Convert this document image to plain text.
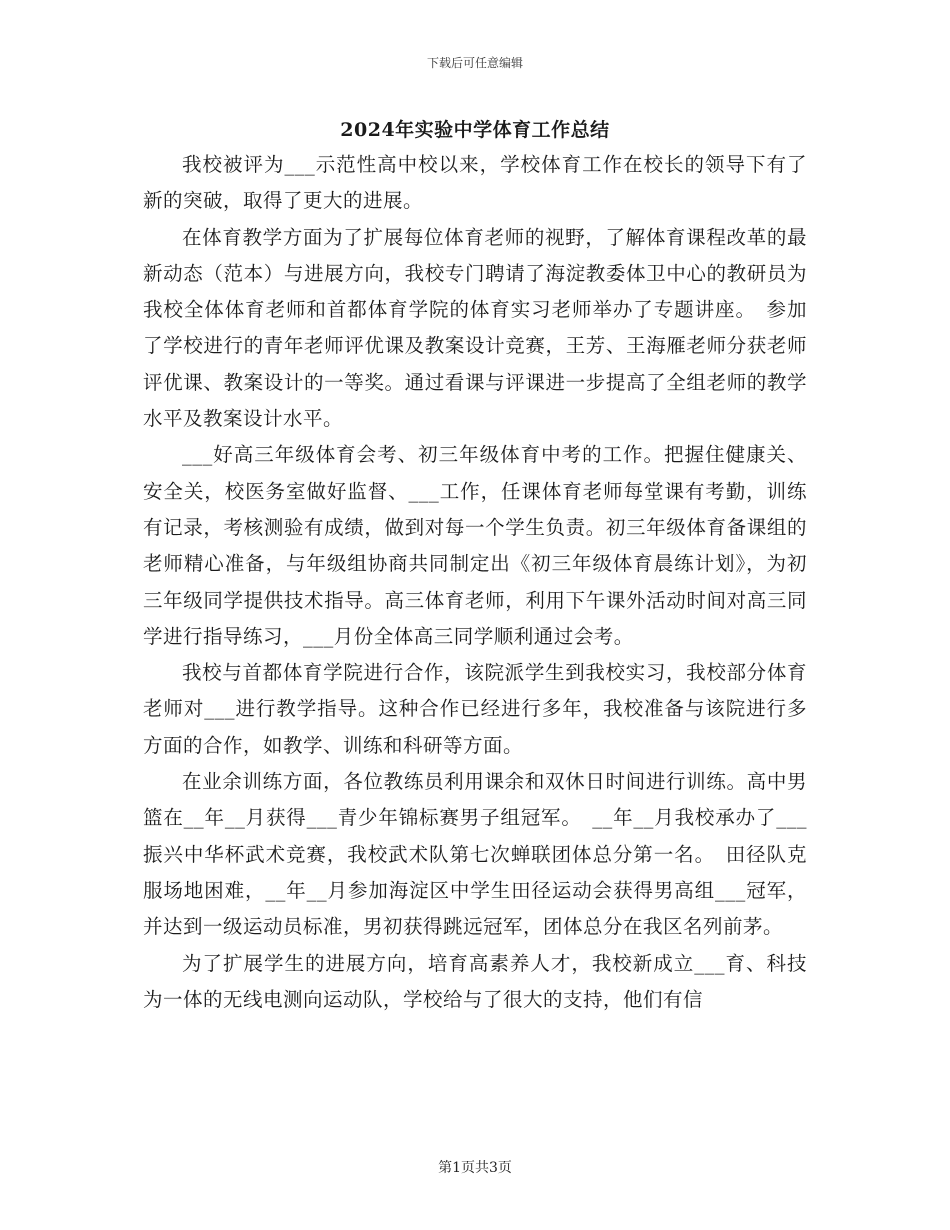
下载后可任意编辑
2024年实验中学体育工作总结

我校被评为___示范性高中校以来，学校体育工作在校长的领导下有了新的突破，取得了更大的进展。

在体育教学方面为了扩展每位体育老师的视野，了解体育课程改革的最新动态（范本）与进展方向，我校专门聘请了海淀教委体卫中心的教研员为我校全体体育老师和首都体育学院的体育实习老师举办了专题讲座。　参加了学校进行的青年老师评优课及教案设计竞赛，王芳、王海雁老师分获老师评优课、教案设计的一等奖。通过看课与评课进一步提高了全组老师的教学水平及教案设计水平。

___好高三年级体育会考、初三年级体育中考的工作。把握住健康关、安全关，校医务室做好监督、___工作，任课体育老师每堂课有考勤，训练有记录，考核测验有成绩，做到对每一个学生负责。初三年级体育备课组的老师精心准备，与年级组协商共同制定出《初三年级体育晨练计划》，为初三年级同学提供技术指导。高三体育老师，利用下午课外活动时间对高三同学进行指导练习，___月份全体高三同学顺利通过会考。

我校与首都体育学院进行合作，该院派学生到我校实习，我校部分体育老师对___进行教学指导。这种合作已经进行多年，我校准备与该院进行多方面的合作，如教学、训练和科研等方面。

在业余训练方面，各位教练员利用课余和双休日时间进行训练。高中男篮在__年__月获得___青少年锦标赛男子组冠军。　__年__月我校承办了___振兴中华杯武术竞赛，我校武术队第七次蝉联团体总分第一名。　田径队克服场地困难，__年__月参加海淀区中学生田径运动会获得男高组___冠军，并达到一级运动员标准，男初获得跳远冠军，团体总分在我区名列前茅。

为了扩展学生的进展方向，培育高素养人才，我校新成立___育、科技为一体的无线电测向运动队，学校给与了很大的支持，他们有信

第1页共3页
